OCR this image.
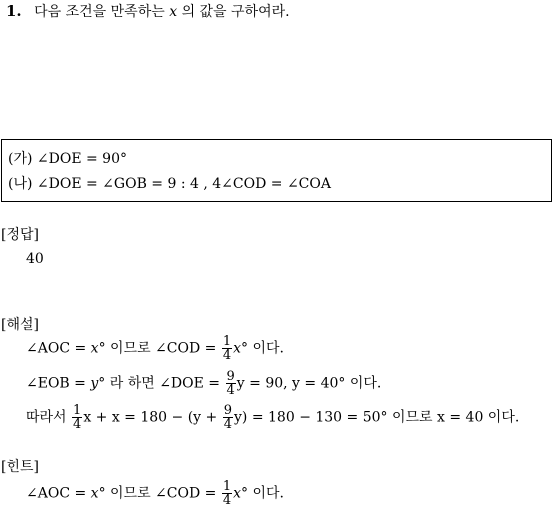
1. 다음 조건을 만족하는 x 의 값을 구하여라.
(가) ∠DOE = 90°
(나) ∠DOE = ∠GOB = 9 : 4 , 4∠COD = ∠COA
[정답]
40
[해설]
∠AOC = x° 이므로 ∠COD = $\frac{1}{4} x^\circ$ 이다.
∠EOB = y° 라 하면 ∠DOE = $\frac{9}{4}$ y = 90, y = 40° 이다.
따라서 $\frac{1}{4}$ $x + x = 180 - (y + \frac{9}{4} y) = 180 - 130 = 50^\circ$ 이므로 x = 40 이다.
[힌트]
∠AOC = x° 이므로 ∠COD = $\frac{1}{4} x^\circ$ 이다.
